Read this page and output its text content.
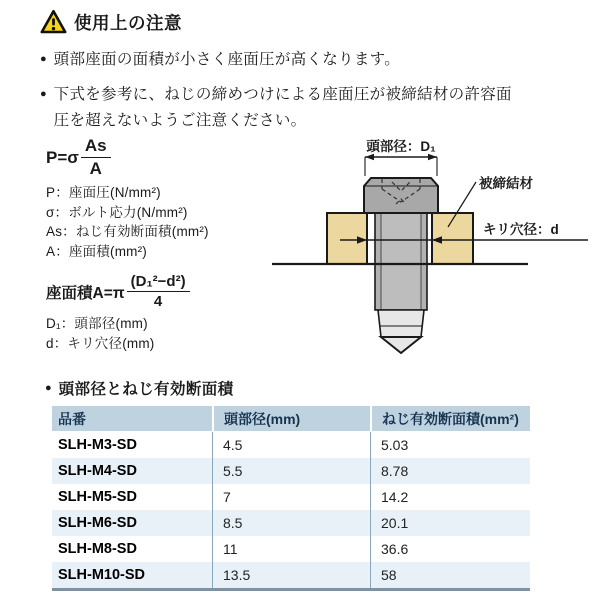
使用上の注意
● 頭部座面の面積が小さく座面圧が高くなります。
● 下式を参考に、ねじの締めつけによる座面圧が被締結材の許容面圧を超えないようご注意ください。
$P=\sigma \frac{As}{A}$
P：座面圧(N/mm²)
σ：ボルト応力(N/mm²)
As：ねじ有効断面積(mm²)
A：座面積(mm²)
座面積$A=\pi \frac{\text{(D₁²−d²)}}{4}$
D₁：頭部径(mm)
d：キリ穴径(mm)
頭部径：D₁
被締結材
キリ穴径：d
● 頭部径とねじ有効断面積
品番	頭部径(mm)	ねじ有効断面積(mm²)
SLH-M3-SD	4.5	5.03
SLH-M4-SD	5.5	8.78
SLH-M5-SD	7	14.2
SLH-M6-SD	8.5	20.1
SLH-M8-SD	11	36.6
SLH-M10-SD	13.5	58
